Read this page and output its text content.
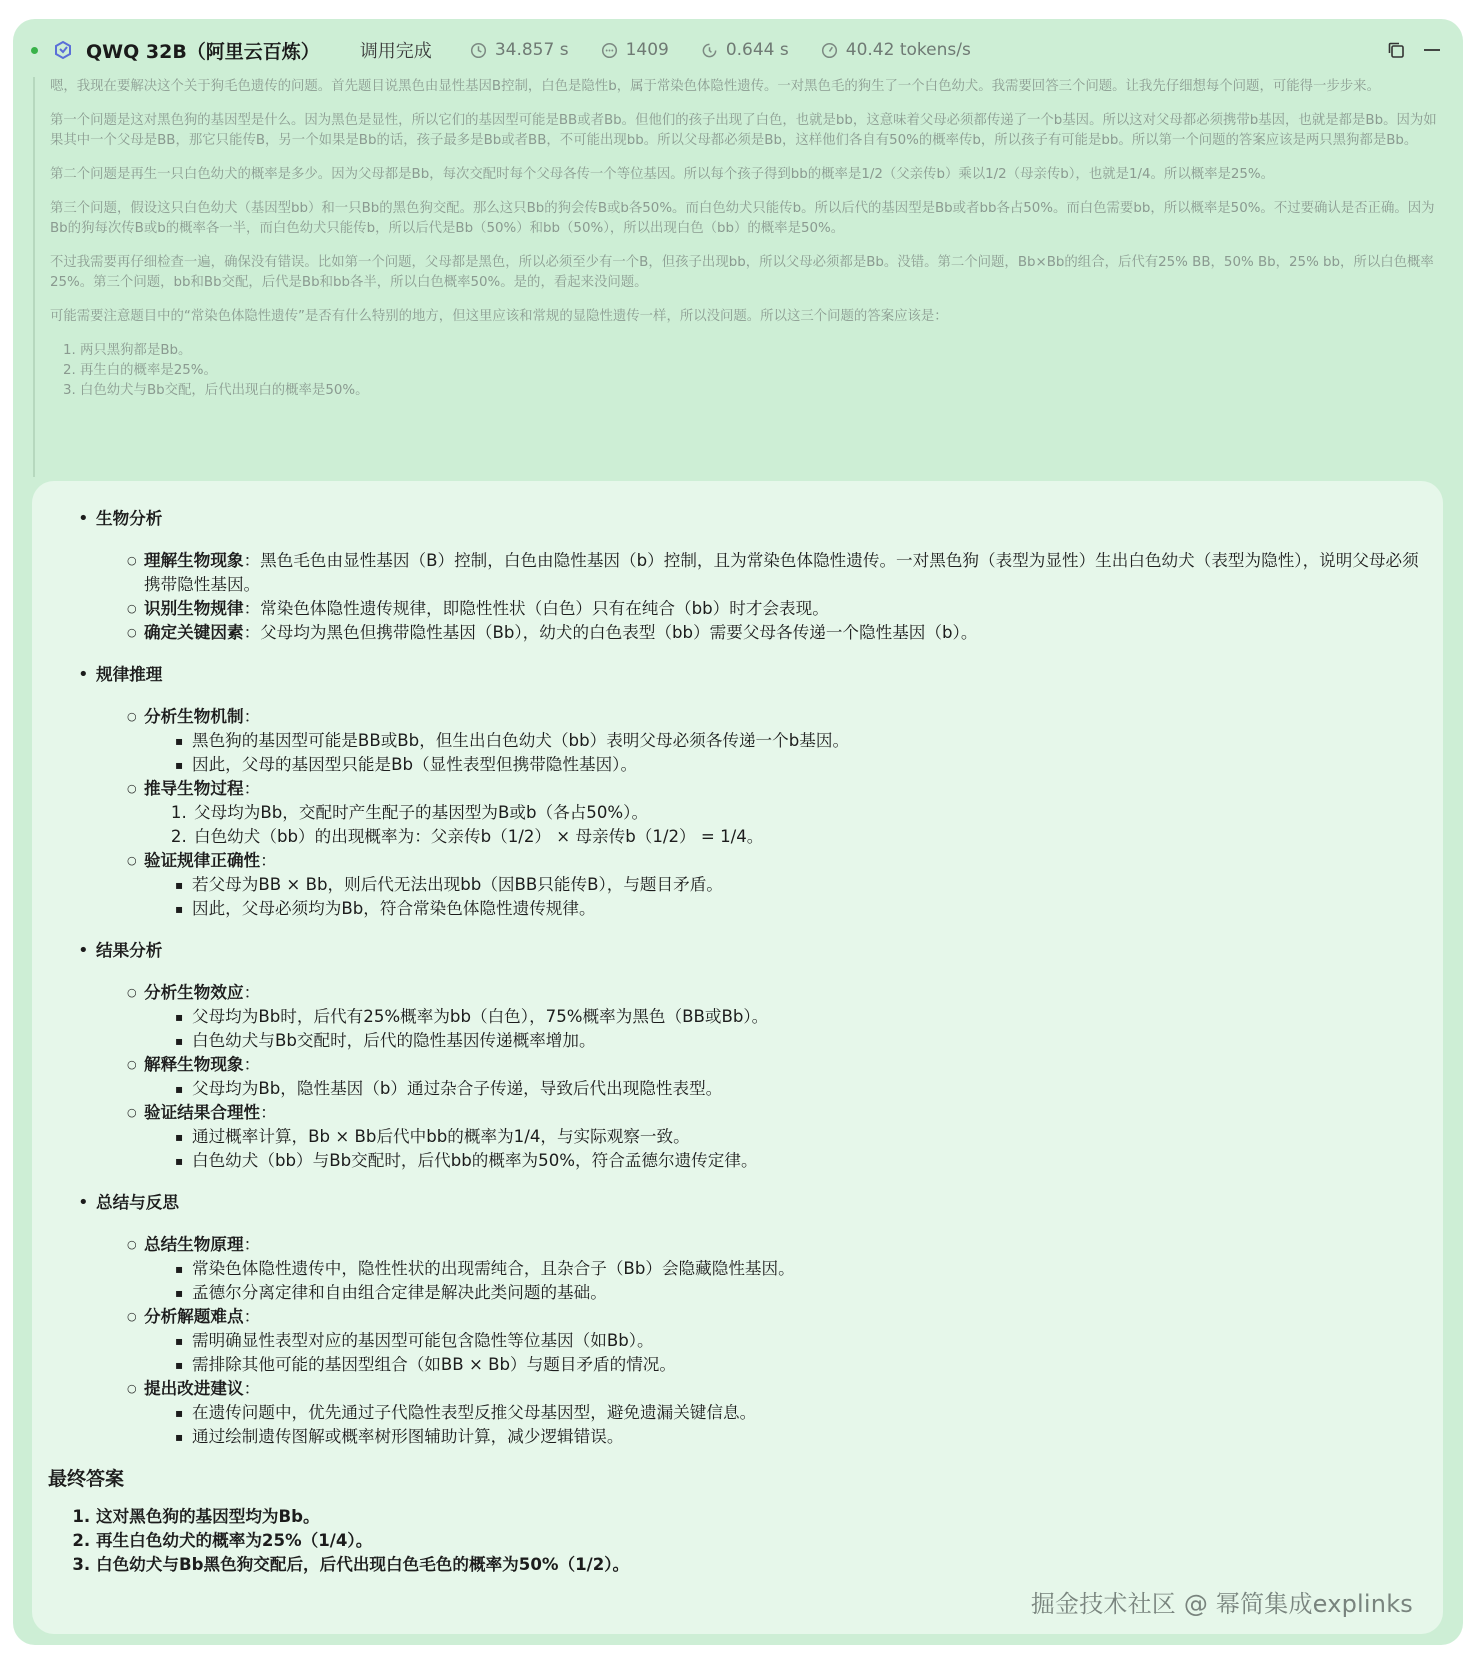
QWQ 32B（阿里云百炼） 调用完成	34.857 s	1409	0.644 s	40.42 tokens/s

嗯，我现在要解决这个关于狗毛色遗传的问题。首先题目说黑色由显性基因B控制，白色是隐性b，属于常染色体隐性遗传。一对黑色毛的狗生了一个白色幼犬。我需要回答三个问题。让我先仔细想每个问题，可能得一步步来。

第一个问题是这对黑色狗的基因型是什么。因为黑色是显性，所以它们的基因型可能是BB或者Bb。但他们的孩子出现了白色，也就是bb，这意味着父母必须都传递了一个b基因。所以这对父母都必须携带b基因，也就是都是Bb。因为如果其中一个父母是BB，那它只能传B，另一个如果是Bb的话，孩子最多是Bb或者BB，不可能出现bb。所以父母都必须是Bb，这样他们各自有50%的概率传b，所以孩子有可能是bb。所以第一个问题的答案应该是两只黑狗都是Bb。

第二个问题是再生一只白色幼犬的概率是多少。因为父母都是Bb，每次交配时每个父母各传一个等位基因。所以每个孩子得到bb的概率是1/2（父亲传b）乘以1/2（母亲传b），也就是1/4。所以概率是25%。

第三个问题，假设这只白色幼犬（基因型bb）和一只Bb的黑色狗交配。那么这只Bb的狗会传B或b各50%。而白色幼犬只能传b。所以后代的基因型是Bb或者bb各占50%。而白色需要bb，所以概率是50%。不过要确认是否正确。因为Bb的狗每次传B或b的概率各一半，而白色幼犬只能传b，所以后代是Bb（50%）和bb（50%），所以出现白色（bb）的概率是50%。

不过我需要再仔细检查一遍，确保没有错误。比如第一个问题，父母都是黑色，所以必须至少有一个B，但孩子出现bb，所以父母必须都是Bb。没错。第二个问题，Bb×Bb的组合，后代有25% BB，50% Bb，25% bb，所以白色概率25%。第三个问题，bb和Bb交配，后代是Bb和bb各半，所以白色概率50%。是的，看起来没问题。

可能需要注意题目中的“常染色体隐性遗传”是否有什么特别的地方，但这里应该和常规的显隐性遗传一样，所以没问题。所以这三个问题的答案应该是：

1. 两只黑狗都是Bb。
2. 再生白的概率是25%。
3. 白色幼犬与Bb交配，后代出现白的概率是50%。
• 生物分析
○ 理解生物现象：黑色毛色由显性基因（B）控制，白色由隐性基因（b）控制，且为常染色体隐性遗传。一对黑色狗（表型为显性）生出白色幼犬（表型为隐性），说明父母必须携带隐性基因。
○ 识别生物规律：常染色体隐性遗传规律，即隐性性状（白色）只有在纯合（bb）时才会表现。
○ 确定关键因素：父母均为黑色但携带隐性基因（Bb），幼犬的白色表型（bb）需要父母各传递一个隐性基因（b）。
• 规律推理
○ 分析生物机制：
▪ 黑色狗的基因型可能是BB或Bb，但生出白色幼犬（bb）表明父母必须各传递一个b基因。
▪ 因此，父母的基因型只能是Bb（显性表型但携带隐性基因）。
○ 推导生物过程：
1. 父母均为Bb，交配时产生配子的基因型为B或b（各占50%）。
2. 白色幼犬（bb）的出现概率为：父亲传b（1/2） × 母亲传b（1/2） = 1/4。
○ 验证规律正确性：
▪ 若父母为BB × Bb，则后代无法出现bb（因BB只能传B），与题目矛盾。
▪ 因此，父母必须均为Bb，符合常染色体隐性遗传规律。
• 结果分析
○ 分析生物效应：
▪ 父母均为Bb时，后代有25%概率为bb（白色），75%概率为黑色（BB或Bb）。
▪ 白色幼犬与Bb交配时，后代的隐性基因传递概率增加。
○ 解释生物现象：
▪ 父母均为Bb，隐性基因（b）通过杂合子传递，导致后代出现隐性表型。
○ 验证结果合理性：
▪ 通过概率计算，Bb × Bb后代中bb的概率为1/4，与实际观察一致。
▪ 白色幼犬（bb）与Bb交配时，后代bb的概率为50%，符合孟德尔遗传定律。
• 总结与反思
○ 总结生物原理：
▪ 常染色体隐性遗传中，隐性性状的出现需纯合，且杂合子（Bb）会隐藏隐性基因。
▪ 孟德尔分离定律和自由组合定律是解决此类问题的基础。
○ 分析解题难点：
▪ 需明确显性表型对应的基因型可能包含隐性等位基因（如Bb）。
▪ 需排除其他可能的基因型组合（如BB × Bb）与题目矛盾的情况。
○ 提出改进建议：
▪ 在遗传问题中，优先通过子代隐性表型反推父母基因型，避免遗漏关键信息。
▪ 通过绘制遗传图解或概率树形图辅助计算，减少逻辑错误。
最终答案
1. 这对黑色狗的基因型均为Bb。
2. 再生白色幼犬的概率为25%（1/4）。
3. 白色幼犬与Bb黑色狗交配后，后代出现白色毛色的概率为50%（1/2）。
掘金技术社区 @ 幂简集成explinks
